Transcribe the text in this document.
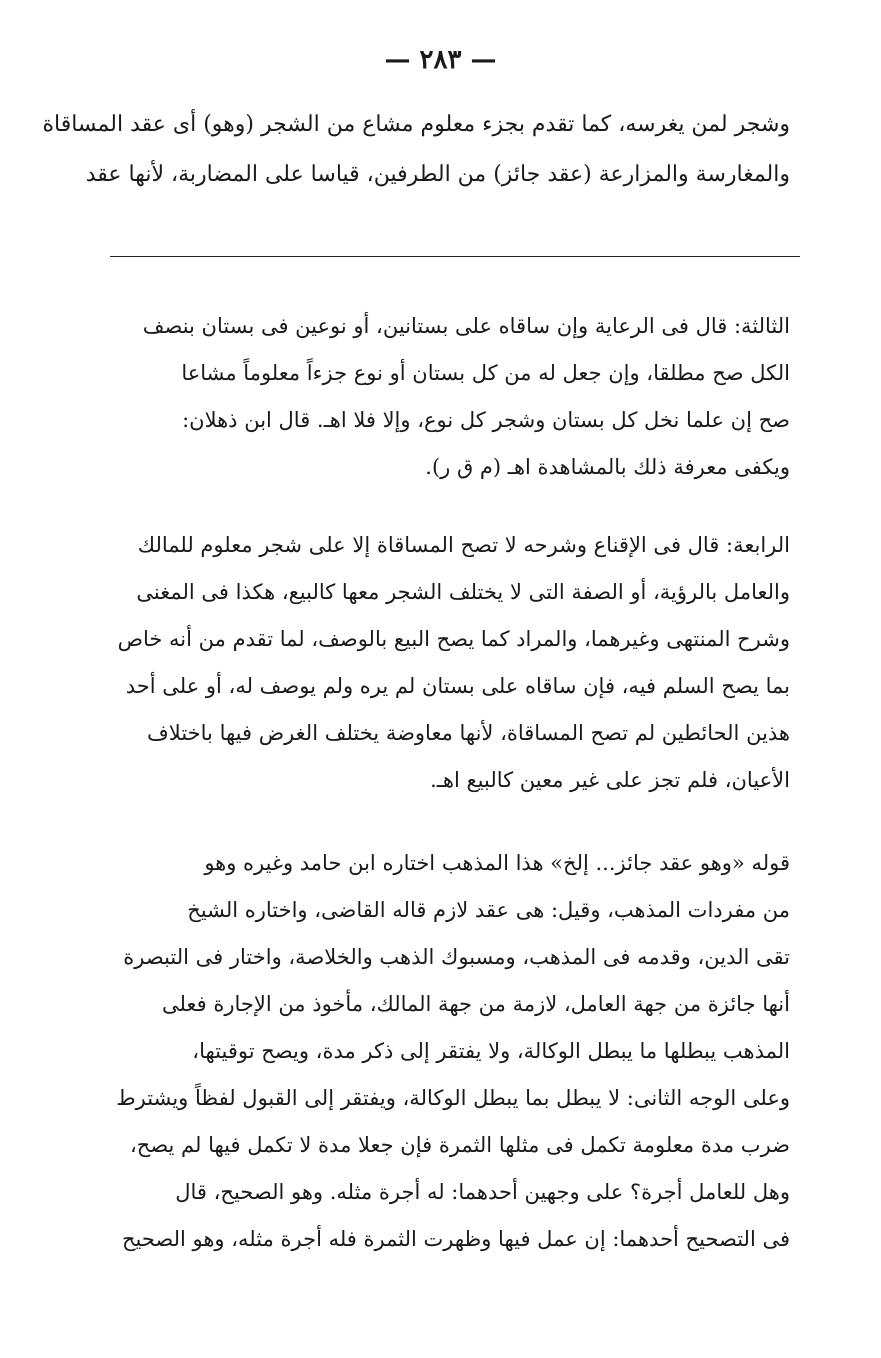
— ٢٨٣ —
وشجر لمن يغرسه، كما تقدم بجزء معلوم مشاع من الشجر (وهو) أى عقد المساقاة
والمغارسة والمزارعة (عقد جائز) من الطرفين، قياسا على المضاربة، لأنها عقد
الثالثة: قال فى الرعاية وإن ساقاه على بستانين، أو نوعين فى بستان بنصف
الكل صح مطلقا، وإن جعل له من كل بستان أو نوع جزءاً معلوماً مشاعا
صح إن علما نخل كل بستان وشجر كل نوع، وإلا فلا اهـ. قال ابن ذهلان:
ويكفى معرفة ذلك بالمشاهدة اهـ (م ق ر).
الرابعة: قال فى الإقناع وشرحه لا تصح المساقاة إلا على شجر معلوم للمالك
والعامل بالرؤية، أو الصفة التى لا يختلف الشجر معها كالبيع، هكذا فى المغنى
وشرح المنتهى وغيرهما، والمراد كما يصح البيع بالوصف، لما تقدم من أنه خاص
بما يصح السلم فيه، فإن ساقاه على بستان لم يره ولم يوصف له، أو على أحد
هذين الحائطين لم تصح المساقاة، لأنها معاوضة يختلف الغرض فيها باختلاف
الأعيان، فلم تجز على غير معين كالبيع اهـ.
قوله «وهو عقد جائز... إلخ» هذا المذهب اختاره ابن حامد وغيره وهو
من مفردات المذهب، وقيل: هى عقد لازم قاله القاضى، واختاره الشيخ
تقى الدين، وقدمه فى المذهب، ومسبوك الذهب والخلاصة، واختار فى التبصرة
أنها جائزة من جهة العامل، لازمة من جهة المالك، مأخوذ من الإجارة فعلى
المذهب يبطلها ما يبطل الوكالة، ولا يفتقر إلى ذكر مدة، ويصح توقيتها،
وعلى الوجه الثانى: لا يبطل بما يبطل الوكالة، ويفتقر إلى القبول لفظاً ويشترط
ضرب مدة معلومة تكمل فى مثلها الثمرة فإن جعلا مدة لا تكمل فيها لم يصح،
وهل للعامل أجرة؟ على وجهين أحدهما: له أجرة مثله. وهو الصحيح، قال
فى التصحيح أحدهما: إن عمل فيها وظهرت الثمرة فله أجرة مثله، وهو الصحيح
